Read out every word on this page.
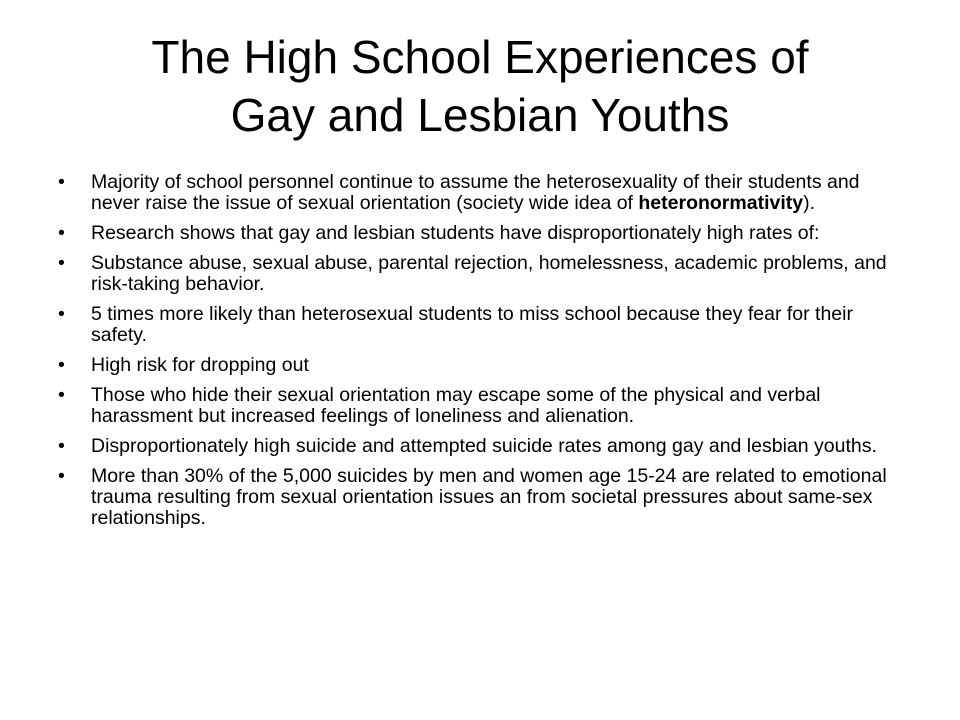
The High School Experiences of
Gay and Lesbian Youths
•	Majority of school personnel continue to assume the heterosexuality of their students and never raise the issue of sexual orientation (society wide idea of heteronormativity).
•	Research shows that gay and lesbian students have disproportionately high rates of:
•	Substance abuse, sexual abuse, parental rejection, homelessness, academic problems, and risk-taking behavior.
•	5 times more likely than heterosexual students to miss school because they fear for their safety.
•	High risk for dropping out
•	Those who hide their sexual orientation may escape some of the physical and verbal harassment but increased feelings of loneliness and alienation.
•	Disproportionately high suicide and attempted suicide rates among gay and lesbian youths.
•	More than 30% of the 5,000 suicides by men and women age 15-24 are related to emotional trauma resulting from sexual orientation issues an from societal pressures about same-sex relationships.
